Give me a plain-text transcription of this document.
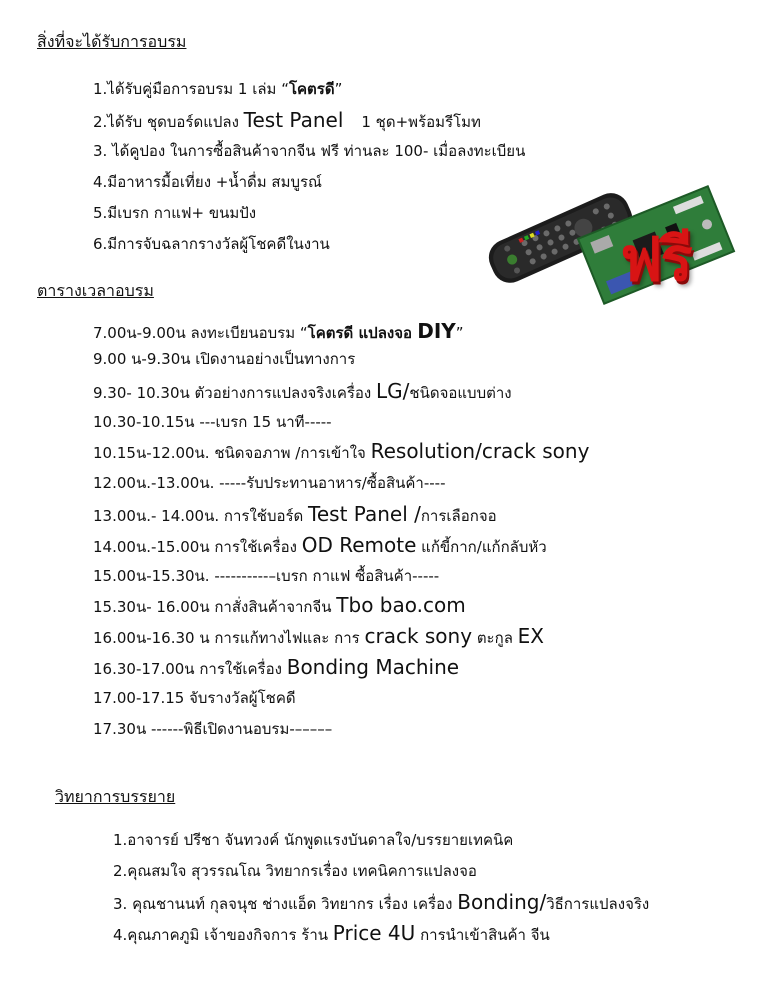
สิ่งที่จะได้รับการอบรม
1.ได้รับคู่มือการอบรม 1 เล่ม “โคตรดี”
2.ได้รับ ชุดบอร์ดแปลง Test Panel 1 ชุด+พร้อมรีโมท
3. ได้คูปอง ในการซื้อสินค้าจากจีน ฟรี ท่านละ 100- เมื่อลงทะเบียน
4.มีอาหารมื้อเที่ยง +น้ำดื่ม สมบูรณ์
5.มีเบรก กาแฟ+ ขนมปัง
6.มีการจับฉลากรางวัลผู้โชคดีในงาน	ฟรี
ตารางเวลาอบรม
7.00น-9.00น ลงทะเบียนอบรม “โคตรดี แปลงจอ DIY”
9.00 น-9.30น เปิดงานอย่างเป็นทางการ
9.30- 10.30น ตัวอย่างการแปลงจริงเครื่อง LG/ชนิดจอแบบต่าง
10.30-10.15น ---เบรก 15 นาที-----
10.15น-12.00น. ชนิดจอภาพ /การเข้าใจ Resolution/crack sony
12.00น.-13.00น. -----รับประทานอาหาร/ซื้อสินค้า----
13.00น.- 14.00น. การใช้บอร์ด Test Panel /การเลือกจอ
14.00น.-15.00น การใช้เครื่อง OD Remote แก้ขี้กาก/แก้กลับหัว
15.00น-15.30น. ----------–เบรก กาแฟ ซื้อสินค้า-----
15.30น- 16.00น กาสั่งสินค้าจากจีน Tbo bao.com
16.00น-16.30 น การแก้ทางไฟและ การ crack sony ตะกูล EX
16.30-17.00น การใช้เครื่อง Bonding Machine
17.00-17.15 จับรางวัลผู้โชคดี
17.30น ------พิธีเปิดงานอบรม-–––––
วิทยาการบรรยาย
1.อาจารย์ ปรีชา จันทวงค์ นักพูดแรงบันดาลใจ/บรรยายเทคนิค
2.คุณสมใจ สุวรรณโณ วิทยากรเรื่อง เทคนิคการแปลงจอ
3. คุณชานนท์ กุลจนุช ช่างแอ็ด วิทยากร เรื่อง เครื่อง Bonding/วิธีการแปลงจริง
4.คุณภาคภูมิ เจ้าของกิจการ ร้าน Price 4U การนำเข้าสินค้า จีน
